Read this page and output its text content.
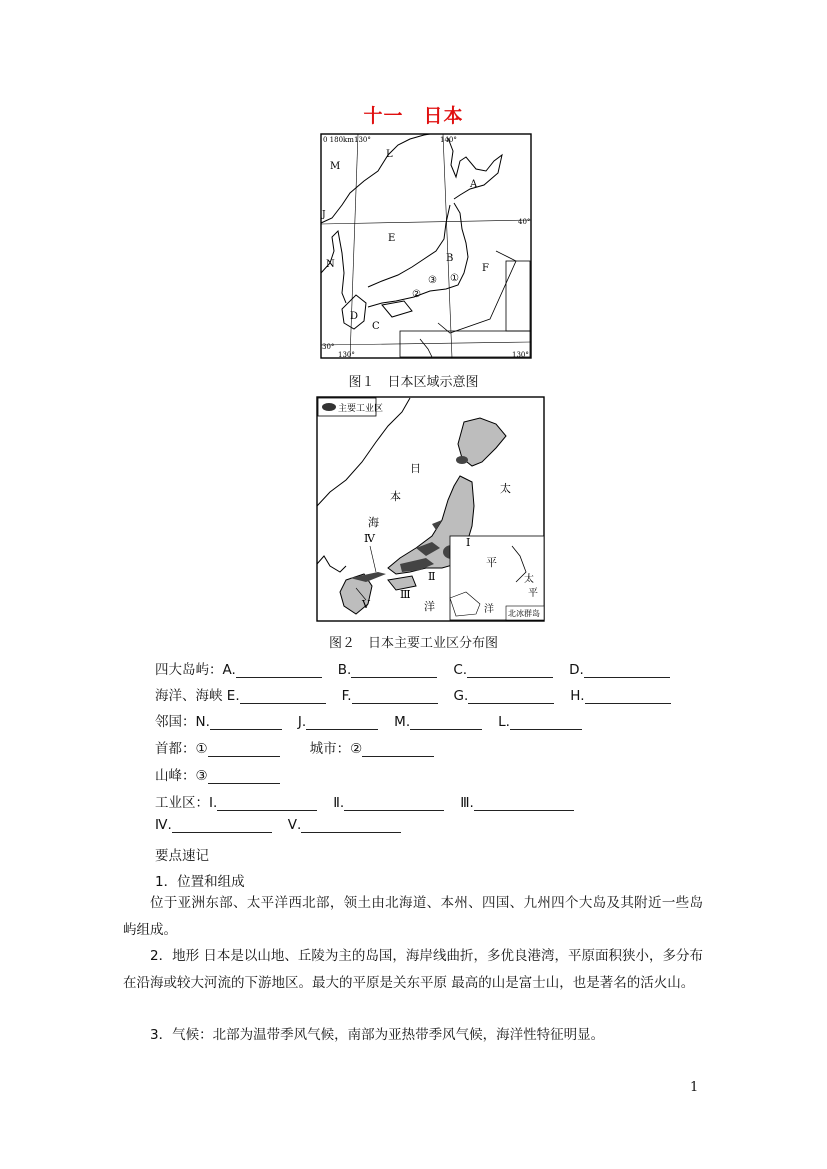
十一　日本
0 180km 130°	140°
40°
30°
130°	130°
L
M
A
J
E
B
N	F
D
C
③ ①
②
图１　日本区域示意图
主要工业区
太
平
洋 北冰群岛
日
本
海
太
平
洋
Ⅰ
Ⅱ
Ⅲ
Ⅳ
Ⅴ
图２　日本主要工业区分布图
四大岛屿：A.	B.	C.	D.
海洋、海峡 E.	F.	G.	H.
邻国：N.	J.	M.	L.
首都：①	城市：②
山峰：③
工业区：Ⅰ.	Ⅱ.	Ⅲ.
Ⅳ.	Ⅴ.
要点速记
1．位置和组成
位于亚洲东部、太平洋西北部，领土由北海道、本州、四国、九州四个大岛及其附近一些岛屿组成。
2．地形 日本是以山地、丘陵为主的岛国，海岸线曲折，多优良港湾，平原面积狭小，多分布在沿海或较大河流的下游地区。最大的平原是关东平原 最高的山是富士山，也是著名的活火山。
3．气候：北部为温带季风气候，南部为亚热带季风气候，海洋性特征明显。
1
